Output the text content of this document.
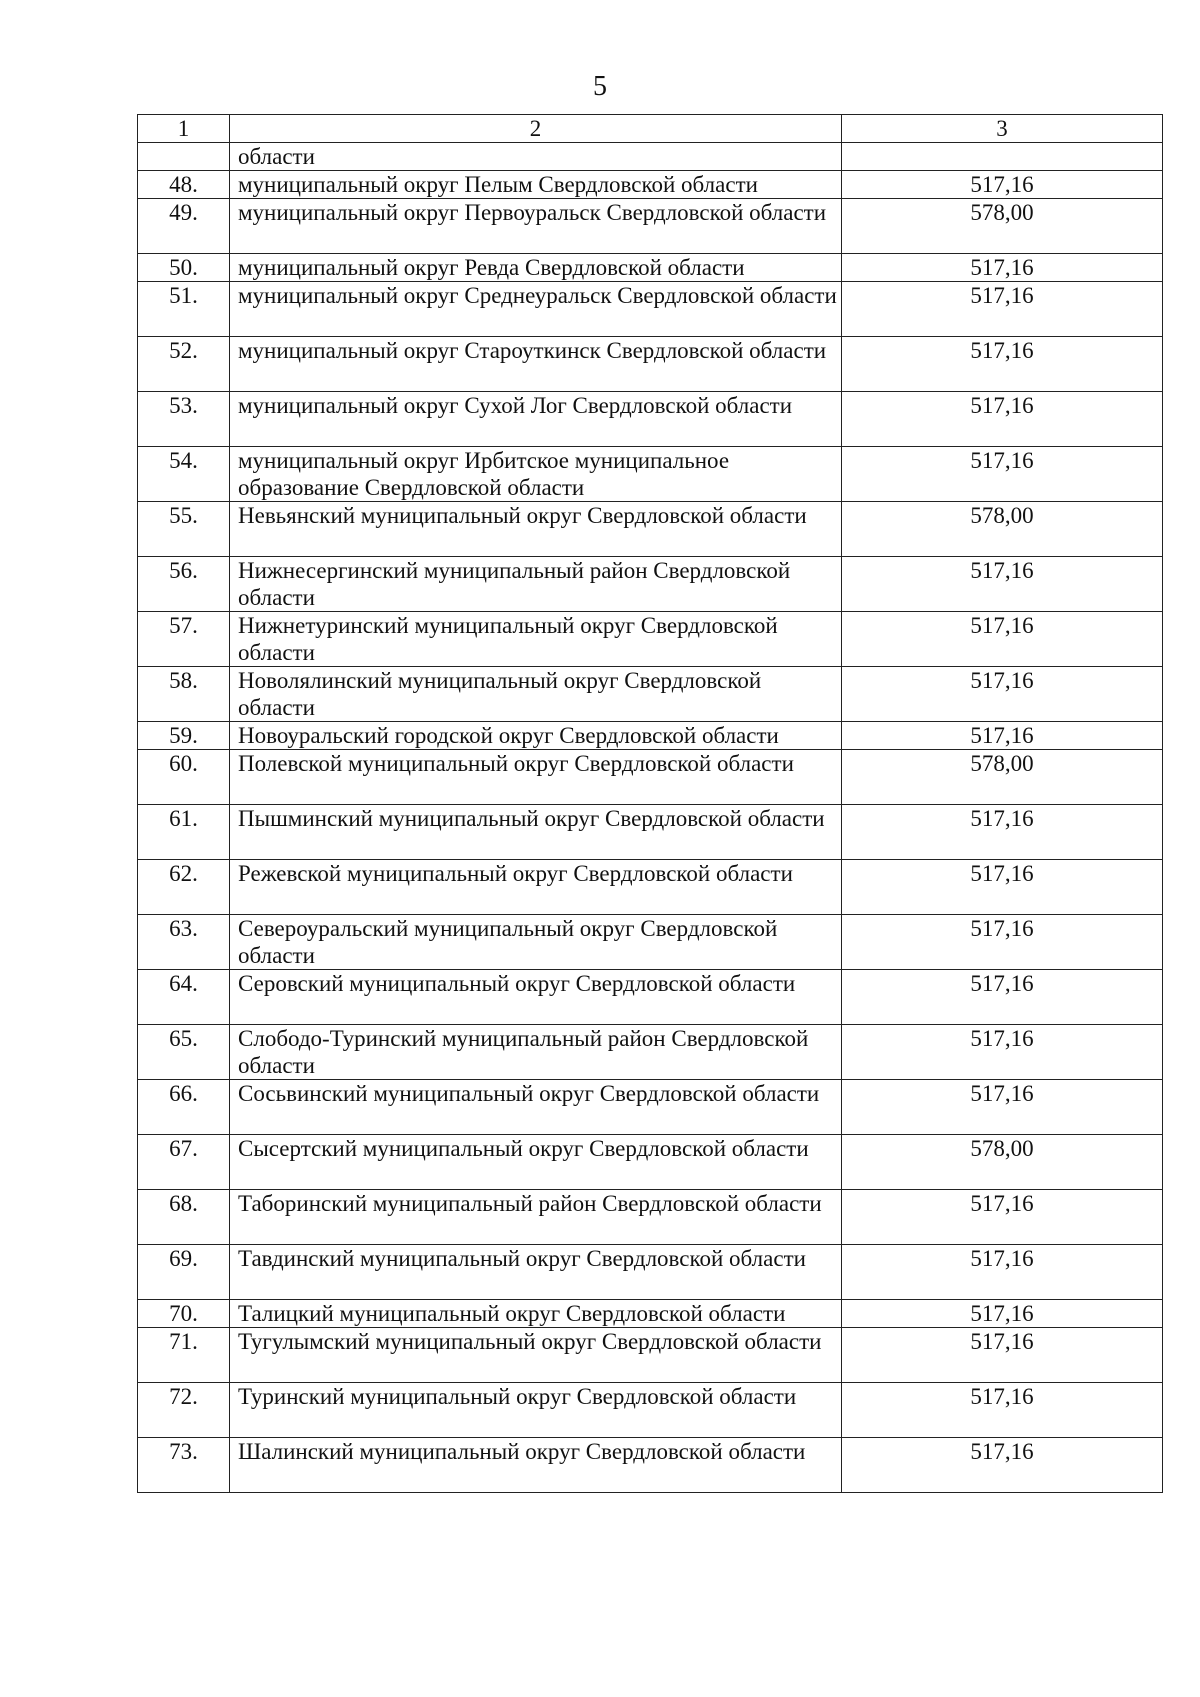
5
1	2	3
	области	
48.	муниципальный округ Пелым Свердловской области	517,16
49.	муниципальный округ Первоуральск Свердловской области	578,00
50.	муниципальный округ Ревда Свердловской области	517,16
51.	муниципальный округ Среднеуральск Свердловской области	517,16
52.	муниципальный округ Староуткинск Свердловской области	517,16
53.	муниципальный округ Сухой Лог Свердловской области	517,16
54.	муниципальный округ Ирбитское муниципальное образование Свердловской области	517,16
55.	Невьянский муниципальный округ Свердловской области	578,00
56.	Нижнесергинский муниципальный район Свердловской области	517,16
57.	Нижнетуринский муниципальный округ Свердловской области	517,16
58.	Новолялинский муниципальный округ Свердловской области	517,16
59.	Новоуральский городской округ Свердловской области	517,16
60.	Полевской муниципальный округ Свердловской области	578,00
61.	Пышминский муниципальный округ Свердловской области	517,16
62.	Режевской муниципальный округ Свердловской области	517,16
63.	Североуральский муниципальный округ Свердловской области	517,16
64.	Серовский муниципальный округ Свердловской области	517,16
65.	Слободо-Туринский муниципальный район Свердловской области	517,16
66.	Сосьвинский муниципальный округ Свердловской области	517,16
67.	Сысертский муниципальный округ Свердловской области	578,00
68.	Таборинский муниципальный район Свердловской области	517,16
69.	Тавдинский муниципальный округ Свердловской области	517,16
70.	Талицкий муниципальный округ Свердловской области	517,16
71.	Тугулымский муниципальный округ Свердловской области	517,16
72.	Туринский муниципальный округ Свердловской области	517,16
73.	Шалинский муниципальный округ Свердловской области	517,16
